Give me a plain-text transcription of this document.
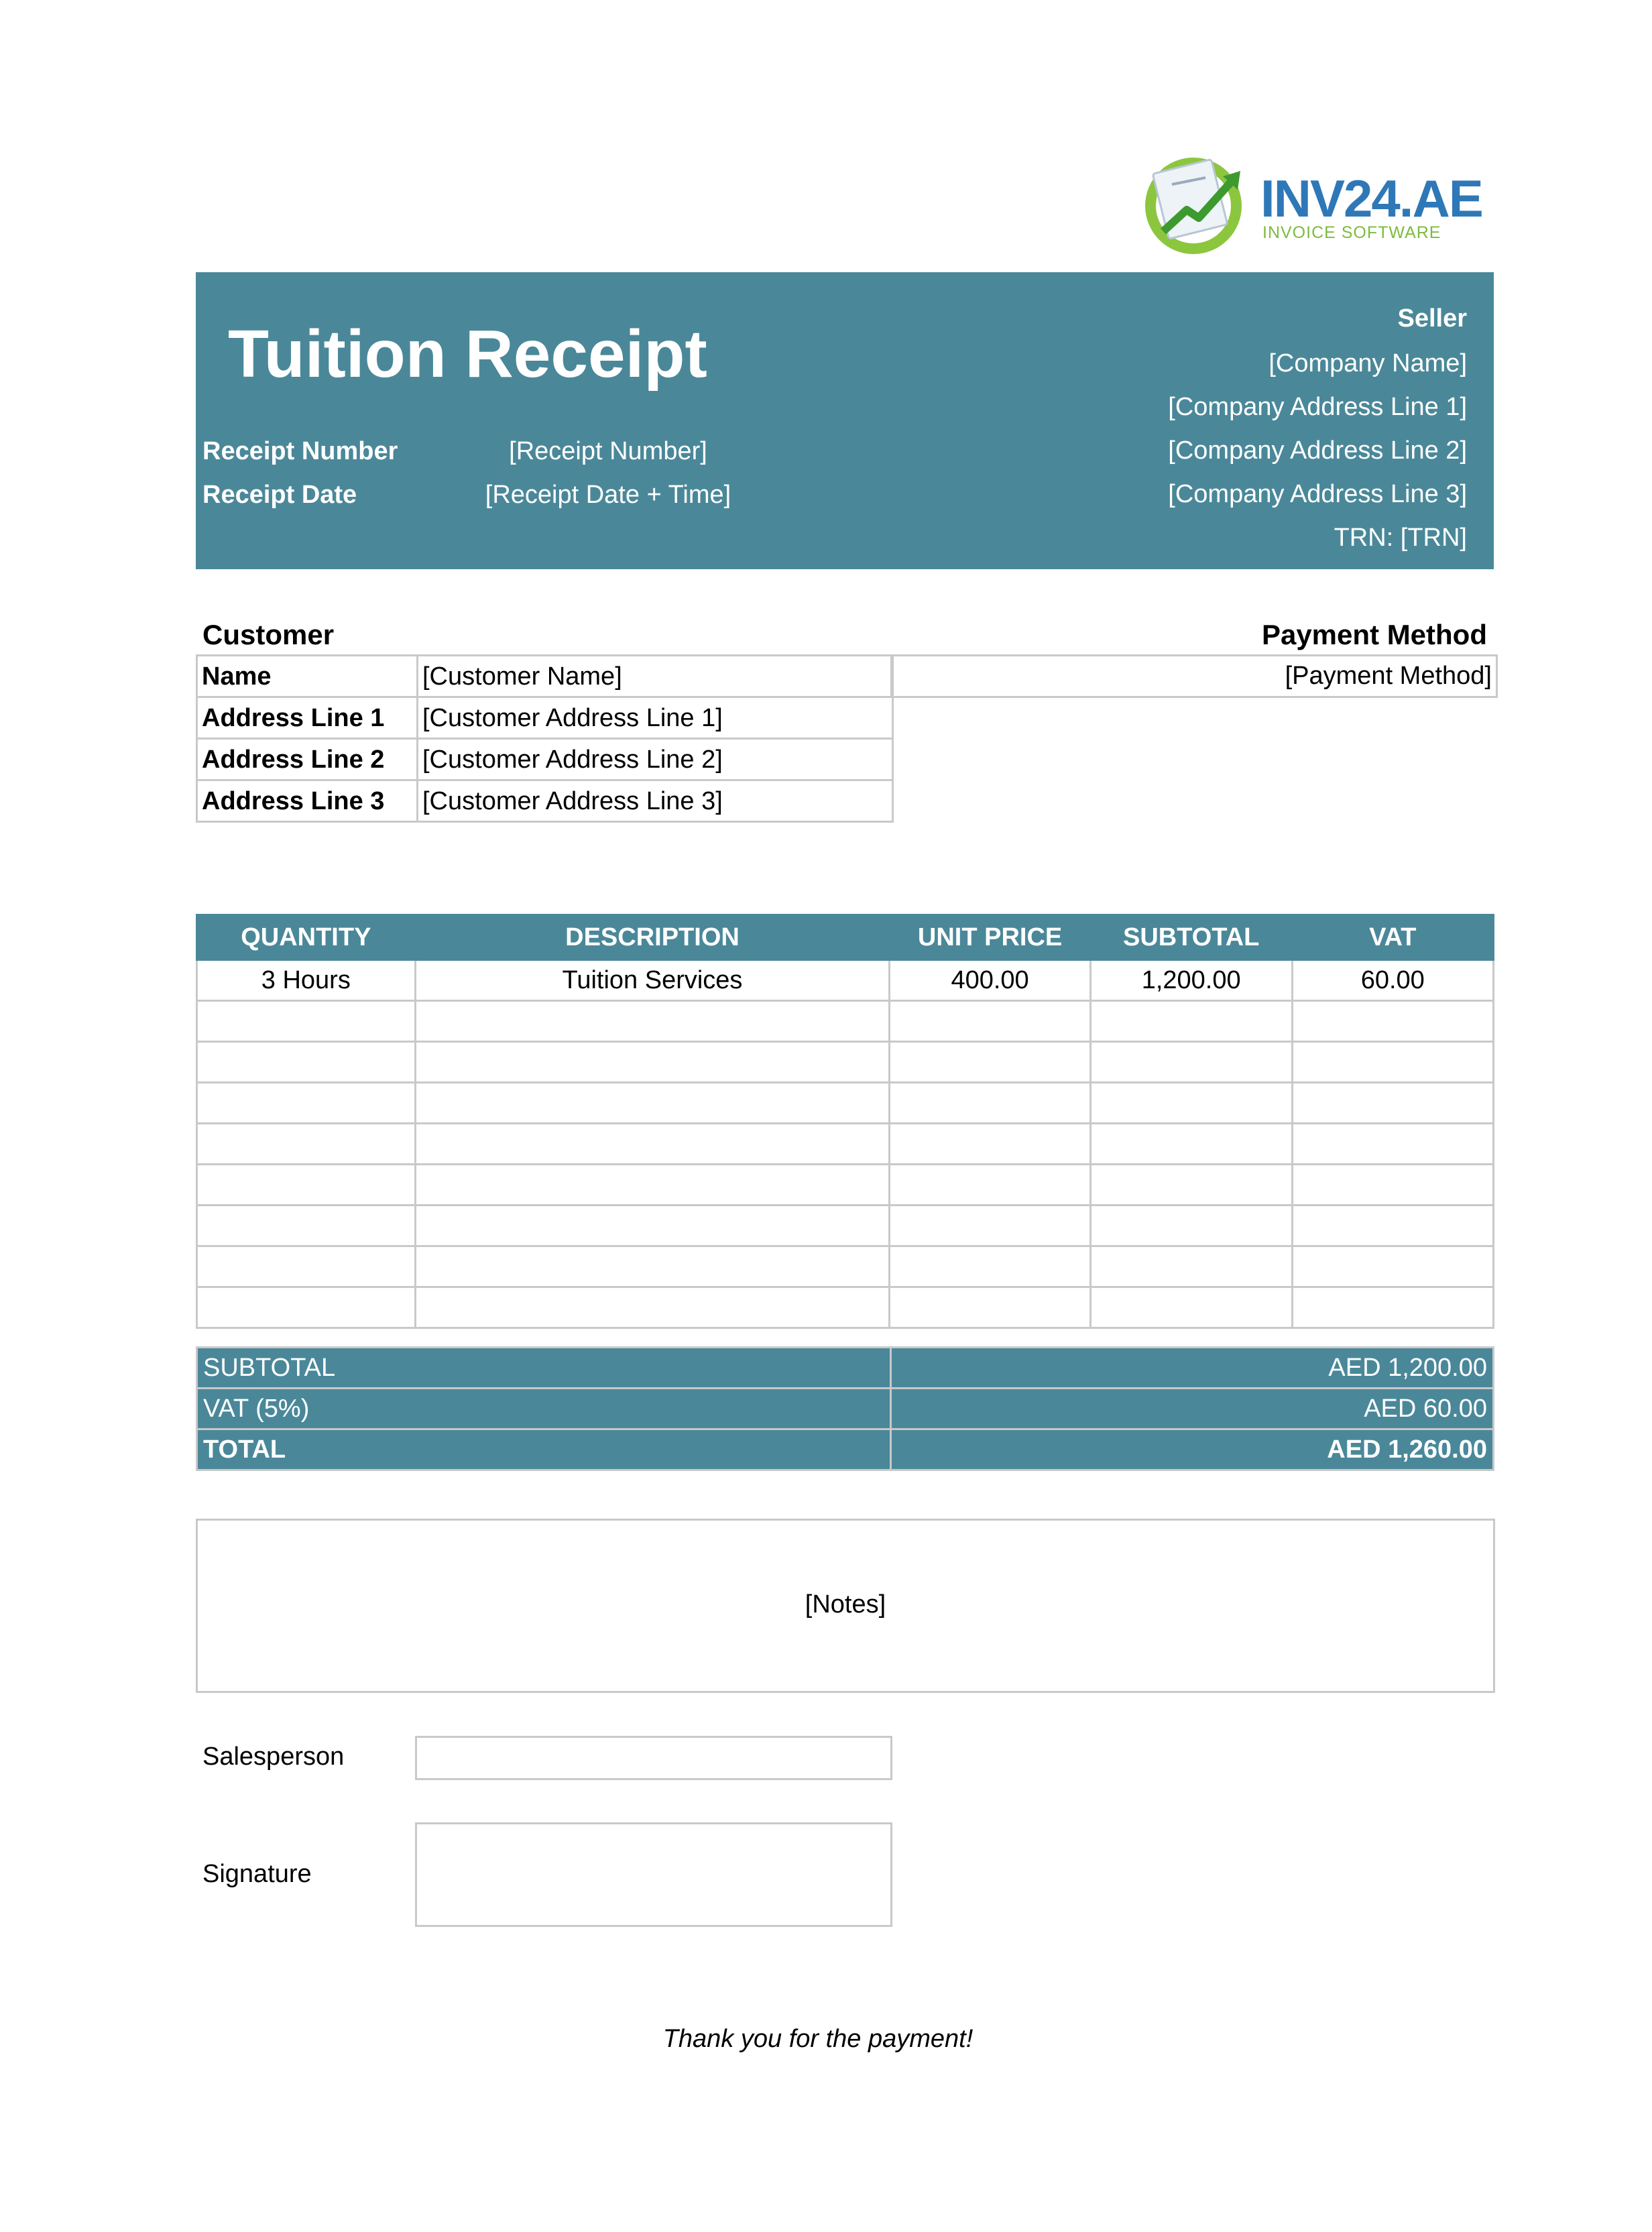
INV24.AE
INVOICE SOFTWARE
Tuition Receipt
Receipt Number	[Receipt Number]
Receipt Date	[Receipt Date + Time]
Seller
[Company Name]
[Company Address Line 1]
[Company Address Line 2]
[Company Address Line 3]
TRN: [TRN]
Customer	Payment Method
Name	[Customer Name]
Address Line 1	[Customer Address Line 1]
Address Line 2	[Customer Address Line 2]
Address Line 3	[Customer Address Line 3]
[Payment Method]
QUANTITY	DESCRIPTION	UNIT PRICE	SUBTOTAL	VAT
3 Hours	Tuition Services	400.00	1,200.00	60.00

SUBTOTAL	AED 1,200.00
VAT (5%)	AED 60.00
TOTAL	AED 1,260.00
[Notes]
Salesperson
Signature
Thank you for the payment!
